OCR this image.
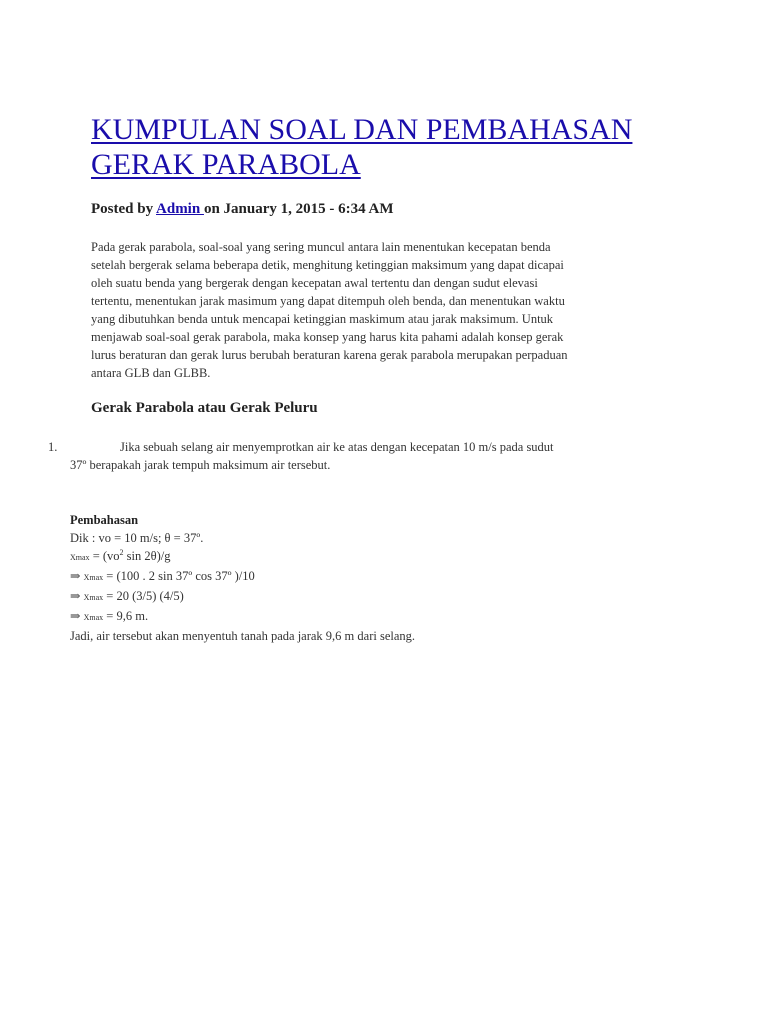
KUMPULAN SOAL DAN PEMBAHASAN GERAK PARABOLA
Posted by Admin on January 1, 2015 - 6:34 AM

Pada gerak parabola, soal-soal yang sering muncul antara lain menentukan kecepatan benda
setelah bergerak selama beberapa detik, menghitung ketinggian maksimum yang dapat dicapai
oleh suatu benda yang bergerak dengan kecepatan awal tertentu dan dengan sudut elevasi
tertentu, menentukan jarak masimum yang dapat ditempuh oleh benda, dan menentukan waktu
yang dibutuhkan benda untuk mencapai ketinggian maskimum atau jarak maksimum. Untuk
menjawab soal-soal gerak parabola, maka konsep yang harus kita pahami adalah konsep gerak
lurus beraturan dan gerak lurus berubah beraturan karena gerak parabola merupakan perpaduan
antara GLB dan GLBB.

Gerak Parabola atau Gerak Peluru
1.	Jika sebuah selang air menyemprotkan air ke atas dengan kecepatan 10 m/s pada sudut
37º berapakah jarak tempuh maksimum air tersebut.
Pembahasan
Dik : vo = 10 m/s; θ = 37º.
$Xmax = (vo^2$ sin 2θ)/g
⇒ Xmax = (100 . 2 sin 37º cos 37º )/10
⇒ Xmax = 20 (3/5) (4/5)
⇒ Xmax = 9,6 m.
Jadi, air tersebut akan menyentuh tanah pada jarak 9,6 m dari selang.
